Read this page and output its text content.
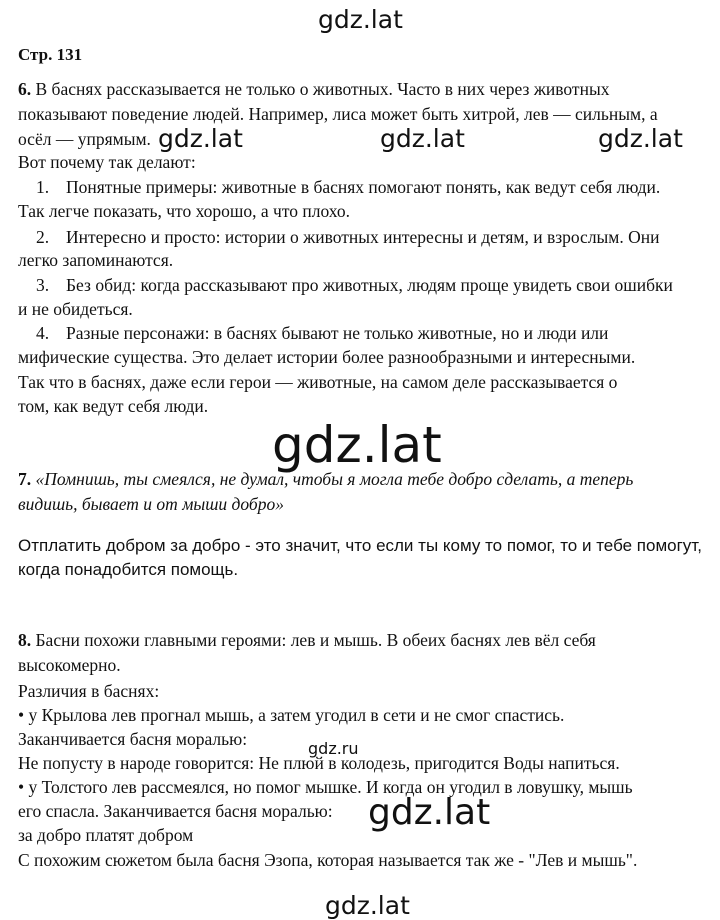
gdz.lat
gdz.lat	gdz.lat	gdz.lat
gdz.lat
gdz.ru
gdz.lat
gdz.lat
Стр. 131
6. В баснях рассказывается не только о животных. Часто в них через животных
показывают поведение людей. Например, лиса может быть хитрой, лев — сильным, а
осёл — упрямым.
Вот почему так делают:
1. Понятные примеры: животные в баснях помогают понять, как ведут себя люди.
Так легче показать, что хорошо, а что плохо.
2. Интересно и просто: истории о животных интересны и детям, и взрослым. Они
легко запоминаются.
3. Без обид: когда рассказывают про животных, людям проще увидеть свои ошибки
и не обидеться.
4. Разные персонажи: в баснях бывают не только животные, но и люди или
мифические существа. Это делает истории более разнообразными и интересными.
Так что в баснях, даже если герои — животные, на самом деле рассказывается о
том, как ведут себя люди.
7. «Помнишь, ты смеялся, не думал, чтобы я могла тебе добро сделать, а теперь
видишь, бывает и от мыши добро»
Отплатить добром за добро - это значит, что если ты кому то помог, то и тебе помогут,
когда понадобится помощь.
8. Басни похожи главными героями: лев и мышь. В обеих баснях лев вёл себя
высокомерно.
Различия в баснях:
• у Крылова лев прогнал мышь, а затем угодил в сети и не смог спастись.
Заканчивается басня моралью:
Не попусту в народе говорится: Не плюй в колодезь, пригодится Воды напиться.
• у Толстого лев рассмеялся, но помог мышке. И когда он угодил в ловушку, мышь
его спасла. Заканчивается басня моралью:
за добро платят добром
С похожим сюжетом была басня Эзопа, которая называется так же - "Лев и мышь".
